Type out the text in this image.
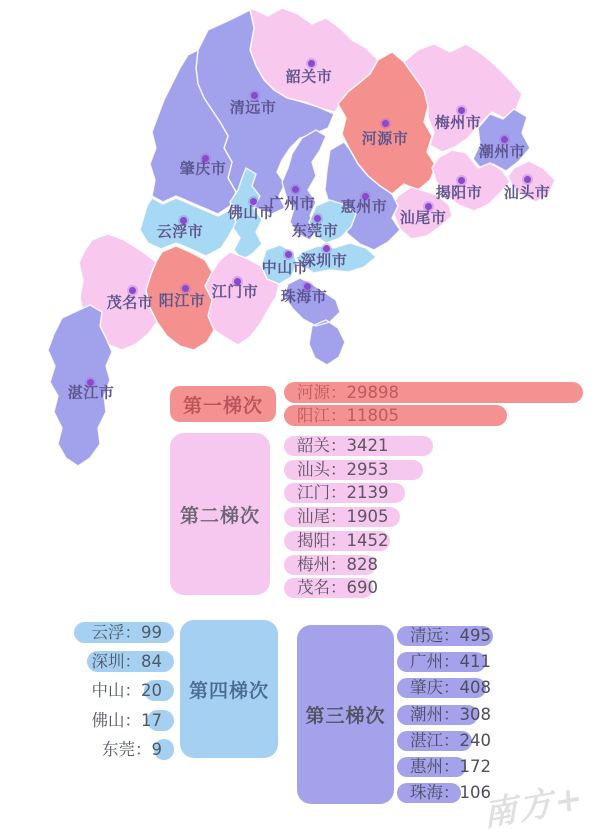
韶关市
清远市
肇庆市
河源市
梅州市
潮州市
汕头市
揭阳市
汕尾市
惠州市
广州市
佛山市
东莞市
深圳市
中山市
珠海市
江门市
云浮市
阳江市
茂名市
湛江市
第一梯次
河源：29898
阳江：11805
第二梯次
韶关：3421
汕头：2953
江门：2139
汕尾：1905
揭阳：1452
梅州：828
茂名：690
第三梯次
清远：495
广州：411
肇庆：408
潮州：308
湛江：240
惠州：172
珠海：106
第四梯次
云浮：99
深圳：84
中山：20
佛山：17
东莞：9
南方+
